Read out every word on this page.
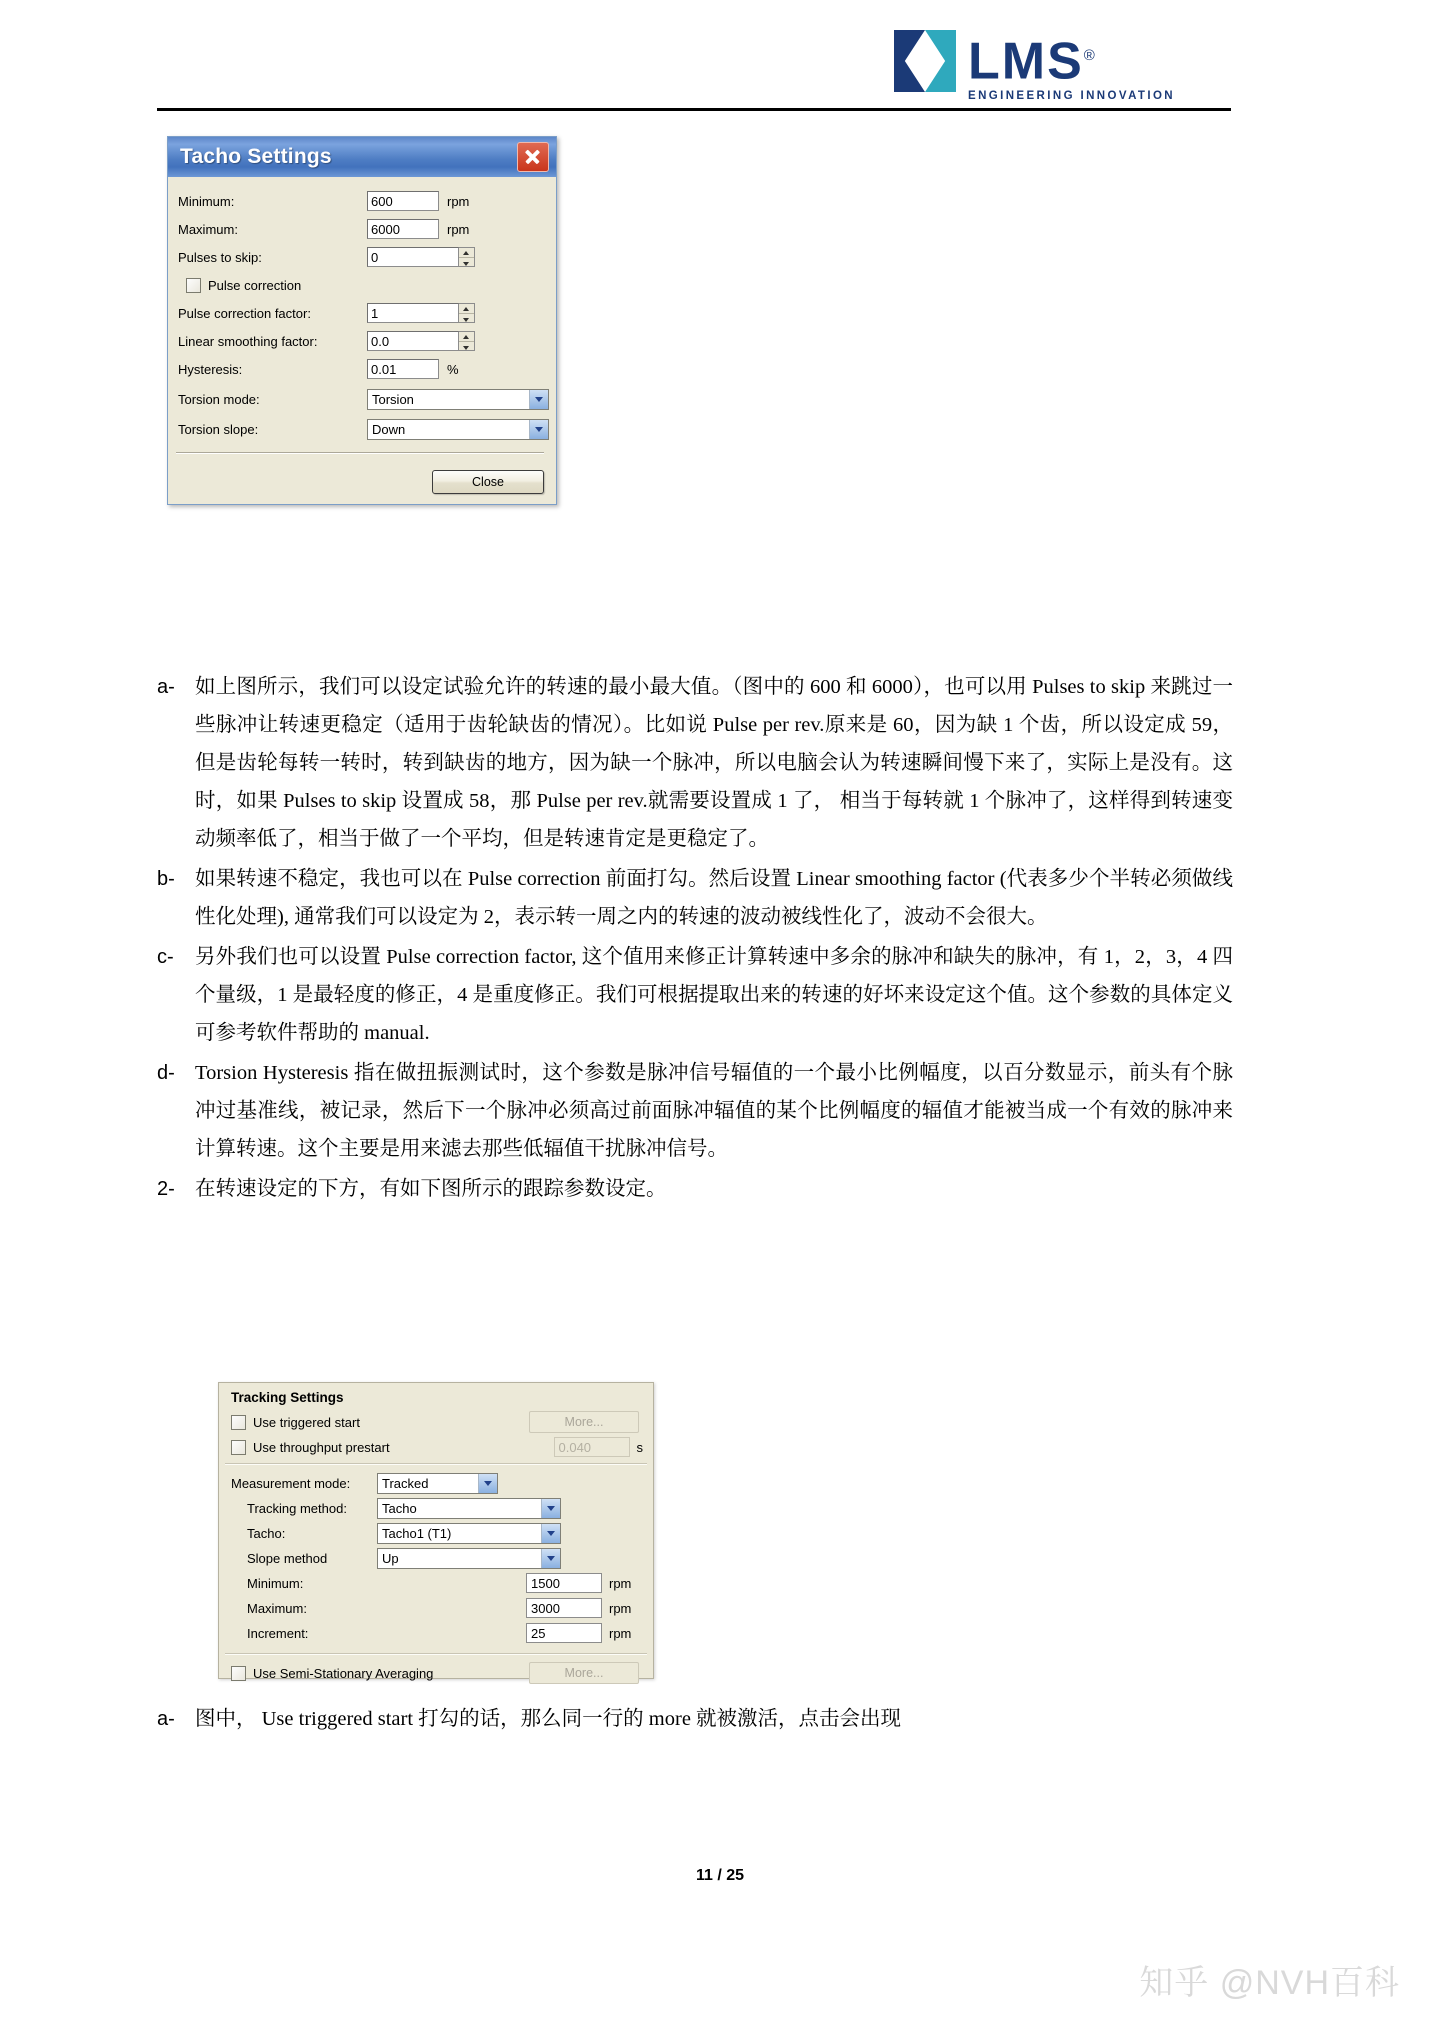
LMS®
ENGINEERING INNOVATION
Tacho Settings
Minimum:	600	rpm
Maximum:	6000	rpm
Pulses to skip:	0
Pulse correction
Pulse correction factor:	1
Linear smoothing factor:	0.0
Hysteresis:	0.01	%
Torsion mode:	Torsion
Torsion slope:	Down
Close
a- 如上图所示，我们可以设定试验允许的转速的最小最大值。（图中的 600 和 6000），也可以用 Pulses to skip 来跳过一些脉冲让转速更稳定（适用于齿轮缺齿的情况）。比如说 Pulse per rev.原来是 60，因为缺 1 个齿，所以设定成 59， 但是齿轮每转一转时，转到缺齿的地方，因为缺一个脉冲，所以电脑会认为转速瞬间慢下来了，实际上是没有。这时，如果 Pulses to skip 设置成 58，那 Pulse per rev.就需要设置成 1 了， 相当于每转就 1 个脉冲了，这样得到转速变动频率低了，相当于做了一个平均，但是转速肯定是更稳定了。
b- 如果转速不稳定，我也可以在 Pulse correction 前面打勾。然后设置 Linear smoothing factor (代表多少个半转必须做线性化处理), 通常我们可以设定为 2，表示转一周之内的转速的波动被线性化了，波动不会很大。
c-	另外我们也可以设置 Pulse correction factor, 这个值用来修正计算转速中多余的脉冲和缺失的脉冲，有 1，2，3，4 四个量级，1 是最轻度的修正，4 是重度修正。我们可根据提取出来的转速的好坏来设定这个值。这个参数的具体定义可参考软件帮助的 manual.
d- Torsion Hysteresis 指在做扭振测试时，这个参数是脉冲信号辐值的一个最小比例幅度，以百分数显示，前头有个脉冲过基准线，被记录，然后下一个脉冲必须高过前面脉冲辐值的某个比例幅度的辐值才能被当成一个有效的脉冲来计算转速。这个主要是用来滤去那些低辐值干扰脉冲信号。
2- 在转速设定的下方，有如下图所示的跟踪参数设定。
Tracking Settings
Use triggered start	More...
Use throughput prestart	0.040	s
Measurement mode:	Tracked
Tracking method:	Tacho
Tacho:	Tacho1 (T1)
Slope method	Up
Minimum:	1500	rpm
Maximum:	3000	rpm
Increment:	25	rpm
Use Semi-Stationary Averaging	More...
a- 图中， Use triggered start 打勾的话，那么同一行的 more 就被激活，点击会出现
11 / 25
知乎 @NVH百科
